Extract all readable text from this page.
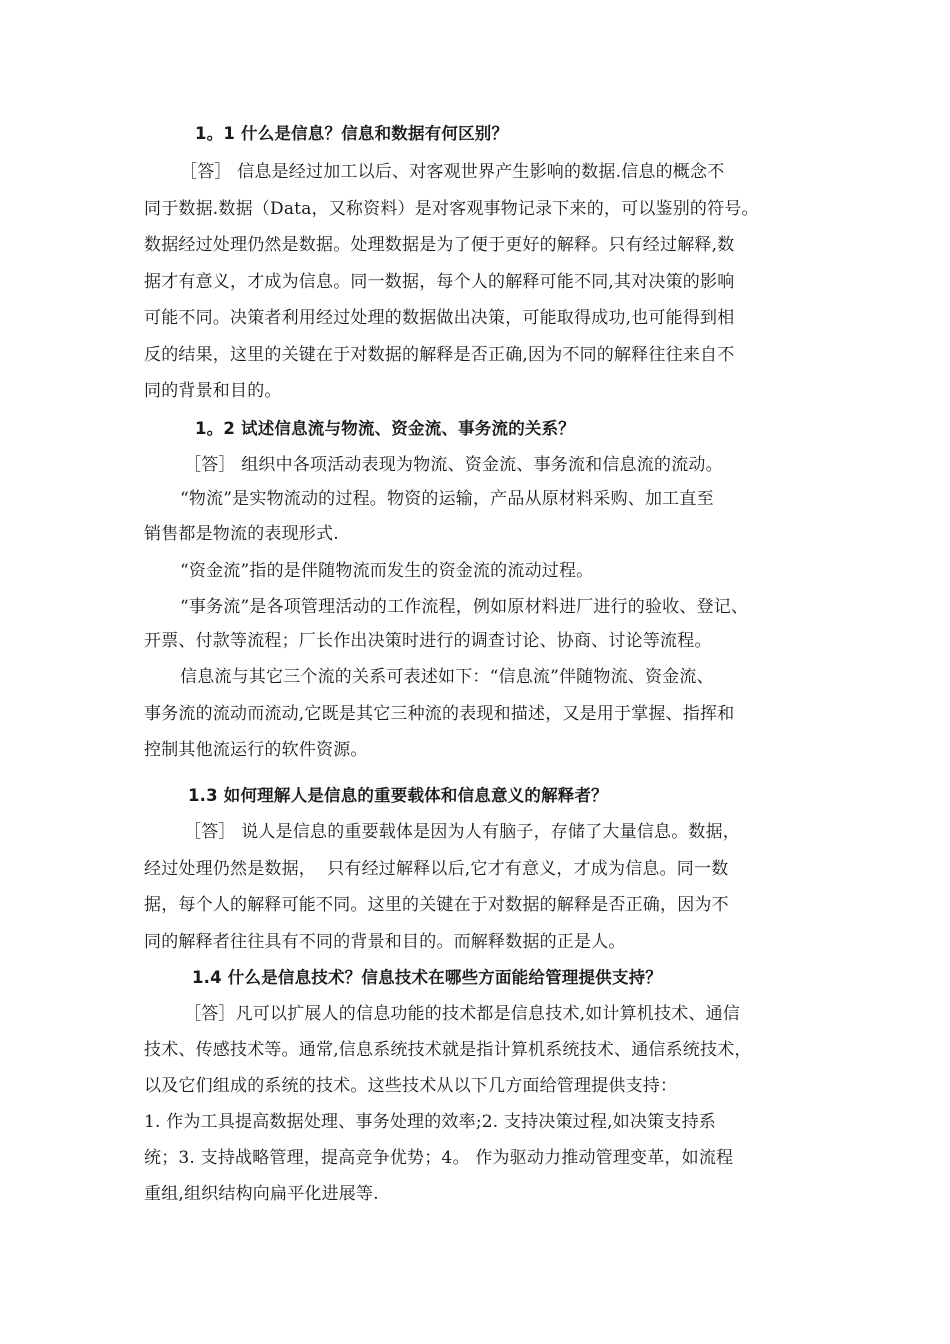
1。1 什么是信息？信息和数据有何区别？
［答］ 信息是经过加工以后、对客观世界产生影响的数据.信息的概念不
同于数据.数据（Data，又称资料）是对客观事物记录下来的，可以鉴别的符号。
数据经过处理仍然是数据。处理数据是为了便于更好的解释。只有经过解释,数
据才有意义，才成为信息。同一数据，每个人的解释可能不同,其对决策的影响
可能不同。决策者利用经过处理的数据做出决策，可能取得成功,也可能得到相
反的结果，这里的关键在于对数据的解释是否正确,因为不同的解释往往来自不
同的背景和目的。
1。2 试述信息流与物流、资金流、事务流的关系？
［答］ 组织中各项活动表现为物流、资金流、事务流和信息流的流动。
“物流”是实物流动的过程。物资的运输，产品从原材料采购、加工直至
销售都是物流的表现形式.
“资金流”指的是伴随物流而发生的资金流的流动过程。
“事务流”是各项管理活动的工作流程，例如原材料进厂进行的验收、登记、
开票、付款等流程；厂长作出决策时进行的调查讨论、协商、讨论等流程。
信息流与其它三个流的关系可表述如下：“信息流”伴随物流、资金流、
事务流的流动而流动,它既是其它三种流的表现和描述，又是用于掌握、指挥和
控制其他流运行的软件资源。
1.3 如何理解人是信息的重要载体和信息意义的解释者？
［答］ 说人是信息的重要载体是因为人有脑子，存储了大量信息。数据，
经过处理仍然是数据，  只有经过解释以后,它才有意义，才成为信息。同一数
据，每个人的解释可能不同。这里的关键在于对数据的解释是否正确，因为不
同的解释者往往具有不同的背景和目的。而解释数据的正是人。
1.4 什么是信息技术？信息技术在哪些方面能给管理提供支持？
［答］凡可以扩展人的信息功能的技术都是信息技术,如计算机技术、通信
技术、传感技术等。通常,信息系统技术就是指计算机系统技术、通信系统技术，
以及它们组成的系统的技术。这些技术从以下几方面给管理提供支持：
1. 作为工具提高数据处理、事务处理的效率;2. 支持决策过程,如决策支持系
统；3. 支持战略管理，提高竞争优势；4。 作为驱动力推动管理变革，如流程
重组,组织结构向扁平化进展等.
